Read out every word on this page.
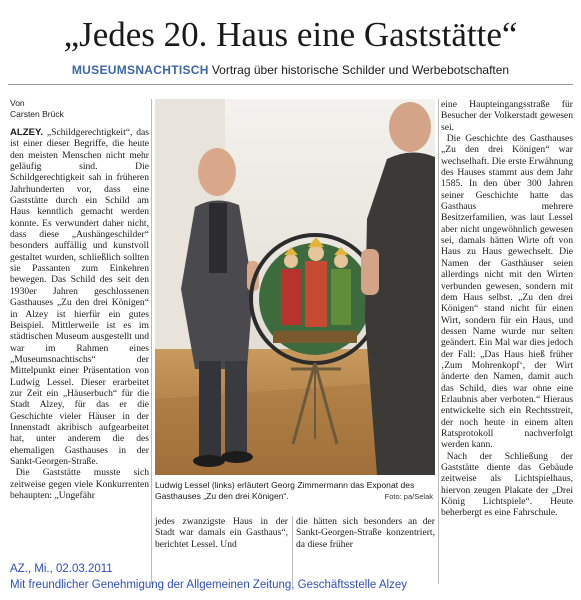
„Jedes 20. Haus eine Gaststätte“
MUSEUMSNACHTISCH Vortrag über historische Schilder und Werbebotschaften
Von
Carsten Brück

ALZEY. „Schildgerechtigkeit“, das ist einer dieser Begriffe, die heute den meisten Menschen nicht mehr geläufig sind. Die Schildgerechtigkeit sah in früheren Jahrhunderten vor, dass eine Gaststätte durch ein Schild am Haus kenntlich gemacht werden konnte. Es verwundert daher nicht, dass diese „Aushängeschilder“ besonders auffällig und kunstvoll gestaltet wurden, schließlich sollten sie Passanten zum Einkehren bewegen. Das Schild des seit den 1930er Jahren geschlossenen Gasthauses „Zu den drei Königen“ in Alzey ist hierfür ein gutes Beispiel. Mittlerweile ist es im städtischen Museum ausgestellt und war im Rahmen eines „Museumsnachtischs“ der Mittelpunkt einer Präsentation von Ludwig Lessel. Dieser erarbeitet zur Zeit ein „Häuserbuch“ für die Stadt Alzey, für das er die Geschichte vieler Häuser in der Innenstadt akribisch aufgearbeitet hat, unter anderem die des ehemaligen Gasthauses in der Sankt-Georgen-Straße.

Die Gaststätte musste sich zeitweise gegen viele Konkurrenten behaupten: „Ungefähr

Ludwig Lessel (links) erläutert Georg Zimmermann das Exponat des Gasthauses „Zu den drei Königen“.	Foto: pa/Selak

jedes zwanzigste Haus in der Stadt war damals ein Gasthaus“, berichtet Lessel. Und

die hätten sich besonders an der Sankt-Georgen-Straße konzentriert, da diese früher

eine Haupteingangsstraße für Besucher der Volkerstadt gewesen sei.

Die Geschichte des Gasthauses „Zu den drei Königen“ war wechselhaft. Die erste Erwähnung des Hauses stammt aus dem Jahr 1585. In den über 300 Jahren seiner Geschichte hatte das Gasthaus mehrere Besitzerfamilien, was laut Lessel aber nicht ungewöhnlich gewesen sei, damals hätten Wirte oft von Haus zu Haus gewechselt. Die Namen der Gasthäuser seien allerdings nicht mit den Wirten verbunden gewesen, sondern mit dem Haus selbst. „Zu den drei Königen“ stand nicht für einen Wirt, sondern für ein Haus, und dessen Name wurde nur selten geändert. Ein Mal war dies jedoch der Fall: „Das Haus hieß früher ‚Zum Mohrenkopf‘, der Wirt änderte den Namen, damit auch das Schild, dies war ohne eine Erlaubnis aber verboten.“ Hieraus entwickelte sich ein Rechtsstreit, der noch heute in einem alten Ratsprotokoll nachverfolgt werden kann.

Nach der Schließung der Gaststätte diente das Gebäude zeitweise als Lichtspielhaus, hiervon zeugen Plakate der „Drei König Lichtspiele“. Heute beherbergt es eine Fahrschule.

AZ., Mi., 02.03.2011
Mit freundlicher Genehmigung der Allgemeinen Zeitung, Geschäftsstelle Alzey
